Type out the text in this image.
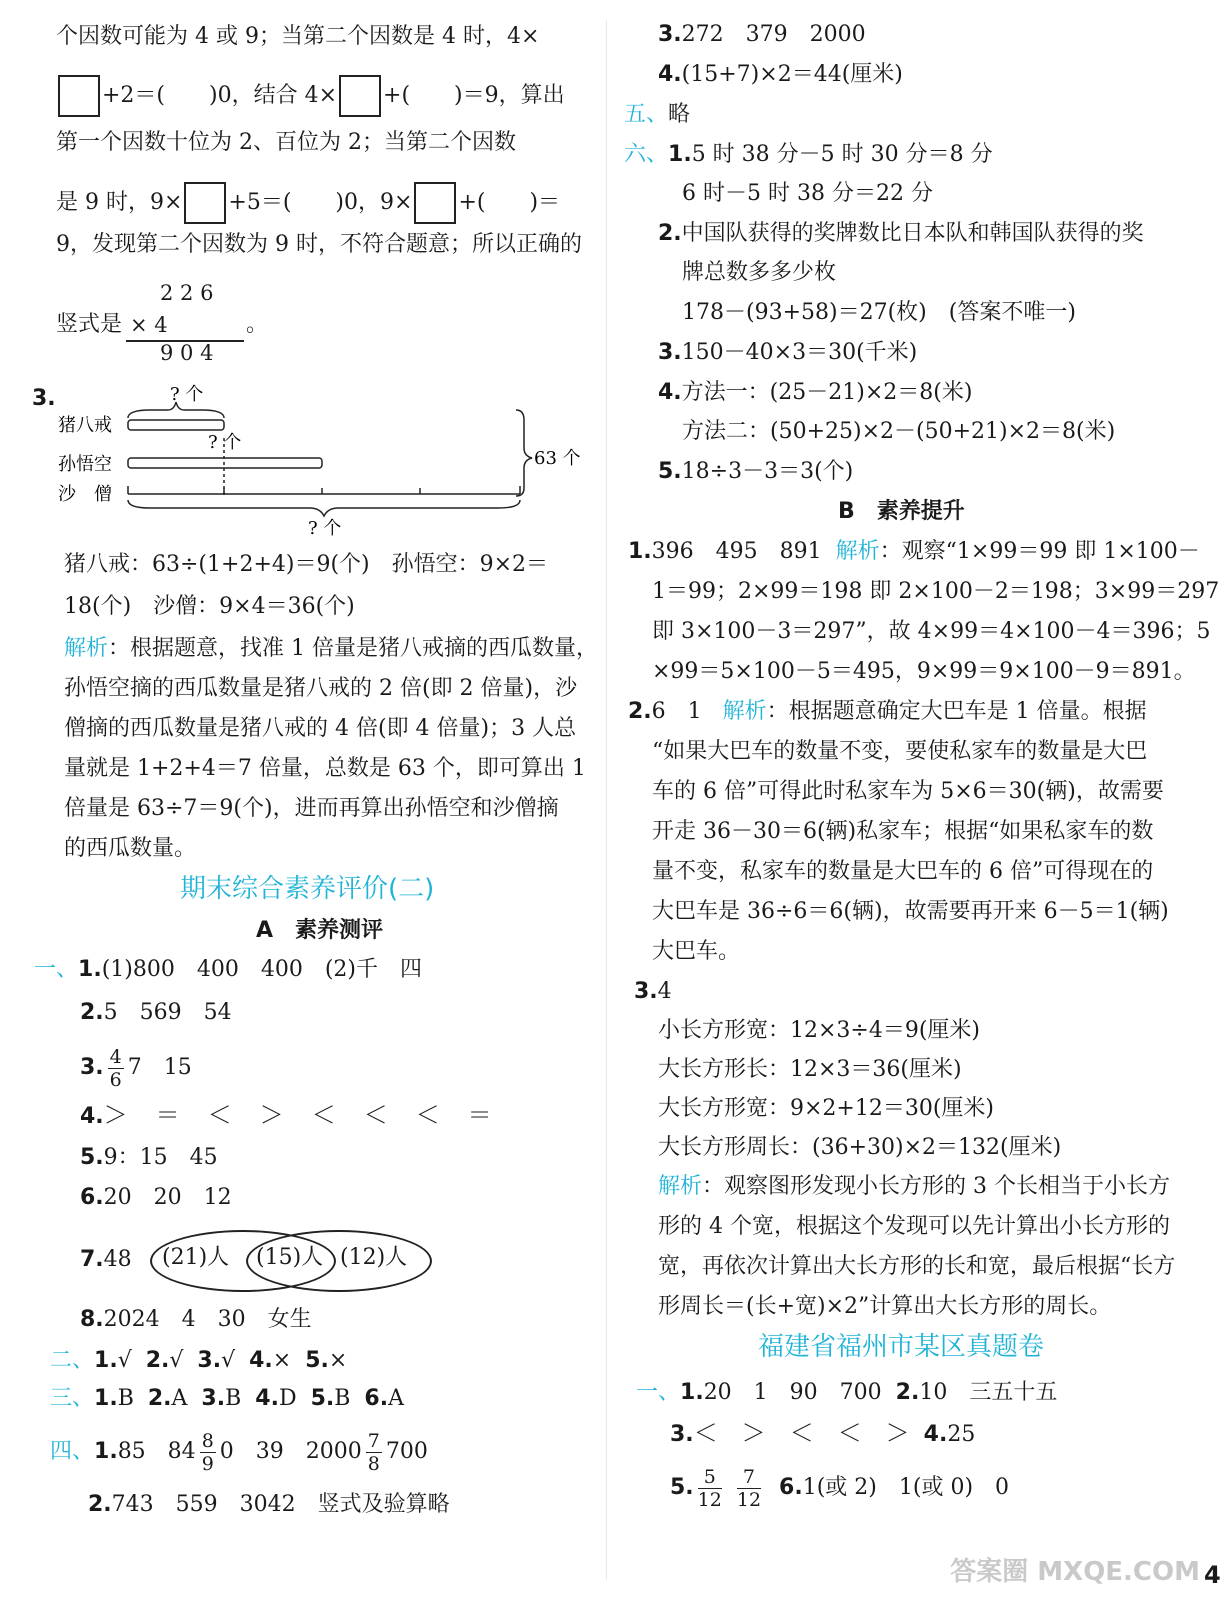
个因数可能为 4 或 9；当第二个因数是 4 时，4×
+2＝(　　)0，结合 4× +(　　)＝9，算出
第一个因数十位为 2、百位为 2；当第二个因数
是 9 时，9× +5＝(　　)0，9× +(　　)＝
9，发现第二个因数为 9 时，不符合题意；所以正确的
竖式是
2 2 6
× 4
9 0 4
。
3.	? 个
猪八戒
? 个
孙悟空
沙　僧
? 个
63 个
猪八戒：63÷(1+2+4)＝9(个)　孙悟空：9×2＝
18(个)　沙僧：9×4＝36(个)
解析：根据题意，找准 1 倍量是猪八戒摘的西瓜数量，
孙悟空摘的西瓜数量是猪八戒的 2 倍(即 2 倍量)，沙
僧摘的西瓜数量是猪八戒的 4 倍(即 4 倍量)；3 人总
量就是 1+2+4＝7 倍量，总数是 63 个，即可算出 1
倍量是 63÷7＝9(个)，进而再算出孙悟空和沙僧摘
的西瓜数量。
期末综合素养评价(二)
A　素养测评
一、1.(1)800　400　400　(2)千　四
2.5　569　54
3. $\frac{4}{6} 7$　15
4.＞　＝　＜　＞　＜　＜　＜　＝
5.9：15　45
6.20　20　12
7.48 (21)人 (15)人 (12)人
8.2024　4　30　女生
二、1.√ 2.√ 3.√ 4.× 5.×
三、1.B 2.A 3.B 4.D 5.B 6.A
四、1.85　$84 \frac{8}{9} 0$　39　$2000 \frac{7}{8} 700$
2.743　559　3042　竖式及验算略
3.272　379　2000
4.(15+7)×2＝44(厘米)
五、略
六、1.5 时 38 分－5 时 30 分＝8 分
6 时－5 时 38 分＝22 分
2.中国队获得的奖牌数比日本队和韩国队获得的奖
牌总数多多少枚
178－(93+58)＝27(枚)　(答案不唯一)
3.150－40×3＝30(千米)
4.方法一：(25－21)×2＝8(米)
方法二：(50+25)×2－(50+21)×2＝8(米)
5.18÷3－3＝3(个)
B　素养提升
1.396　495　891 解析：观察“1×99＝99 即 1×100－
1＝99；2×99＝198 即 2×100－2＝198；3×99＝297
即 3×100－3＝297”，故 4×99＝4×100－4＝396；5
×99＝5×100－5＝495，9×99＝9×100－9＝891。
2.6　1 解析：根据题意确定大巴车是 1 倍量。根据
“如果大巴车的数量不变，要使私家车的数量是大巴
车的 6 倍”可得此时私家车为 5×6＝30(辆)，故需要
开走 36－30＝6(辆)私家车；根据“如果私家车的数
量不变，私家车的数量是大巴车的 6 倍”可得现在的
大巴车是 36÷6＝6(辆)，故需要再开来 6－5＝1(辆)
大巴车。
3.4
小长方形宽：12×3÷4＝9(厘米)
大长方形长：12×3＝36(厘米)
大长方形宽：9×2+12＝30(厘米)
大长方形周长：(36+30)×2＝132(厘米)
解析：观察图形发现小长方形的 3 个长相当于小长方
形的 4 个宽，根据这个发现可以先计算出小长方形的
宽，再依次计算出大长方形的长和宽，最后根据“长方
形周长＝(长+宽)×2”计算出大长方形的周长。
福建省福州市某区真题卷
一、1.20　1　90　700 2.10　三五十五
3.＜　＞　＜　＜　＞ 4.25
5. $\frac{5}{12}$
$\frac{7}{12} 6.1$(或 2)　1(或 0)　0
4
答案圈 MXQE.COM
